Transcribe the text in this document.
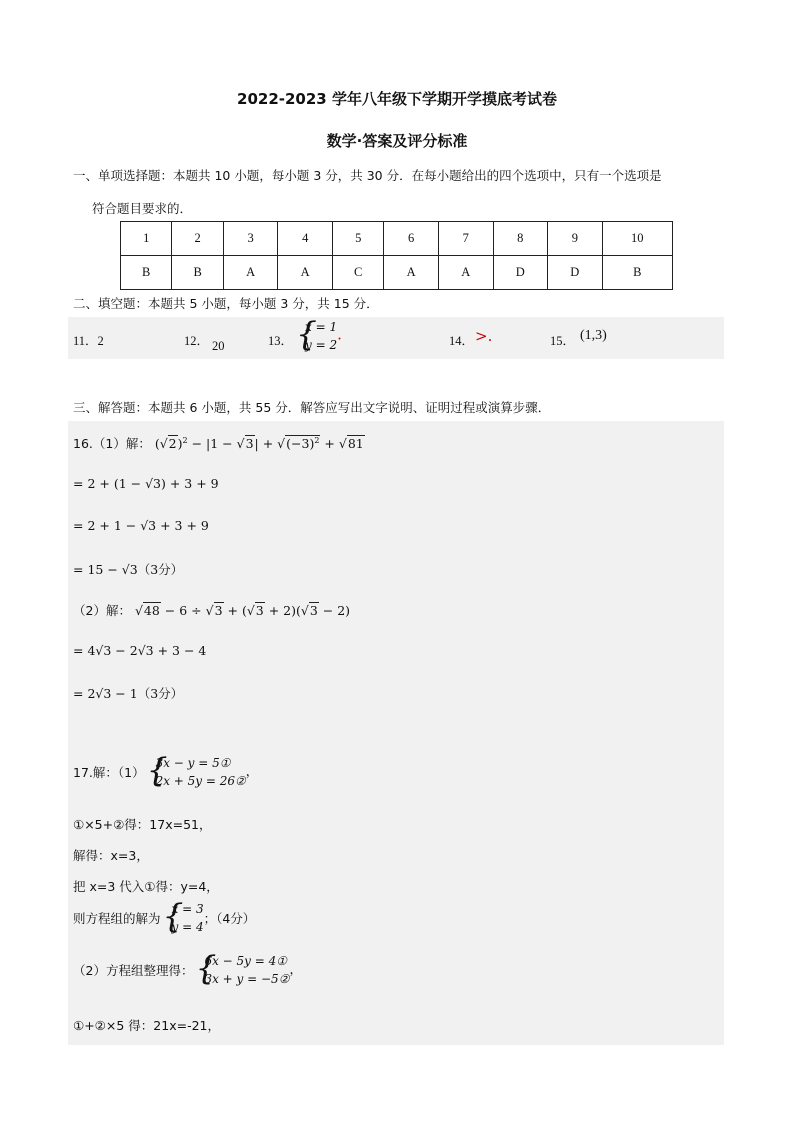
2022-2023 学年八年级下学期开学摸底考试卷
数学·答案及评分标准
一、单项选择题：本题共 10 小题，每小题 3 分，共 30 分．在每小题给出的四个选项中，只有一个选项是
符合题目要求的．
1	2	3	4	5	6	7	8	9	10
B	B	A	A	C	A	A	D	D	B
二、填空题：本题共 5 小题，每小题 3 分，共 15 分．
11．2	12． 20	13．
{ x = 1
y = 2
.	14． >.	15． (1,3)
三、解答题：本题共 6 小题，共 55 分．解答应写出文字说明、证明过程或演算步骤．
16.（1）解： $(√2)^2 - |1 - √3| + √(-3)^2 + √81$
= 2 + (1 − √3) + 3 + 9
= 2 + 1 − √3 + 3 + 9
= 15 − √3（3分）
（2）解： √48 − 6 ÷ √3 + (√3 + 2)(√3 − 2)
= 4√3 − 2√3 + 3 − 4
= 2√3 − 1（3分）
17.解：（1）
{ 3x − y = 5①
2x + 5y = 26②
，
①×5+②得：17x=51，
解得：x=3，
把 x=3 代入①得：y=4，
则方程组的解为
{ x = 3
y = 4
；（4分）
（2）方程组整理得：
{ 6x − 5y = 4①
3x + y = −5②
，
①+②×5 得：21x=-21，
